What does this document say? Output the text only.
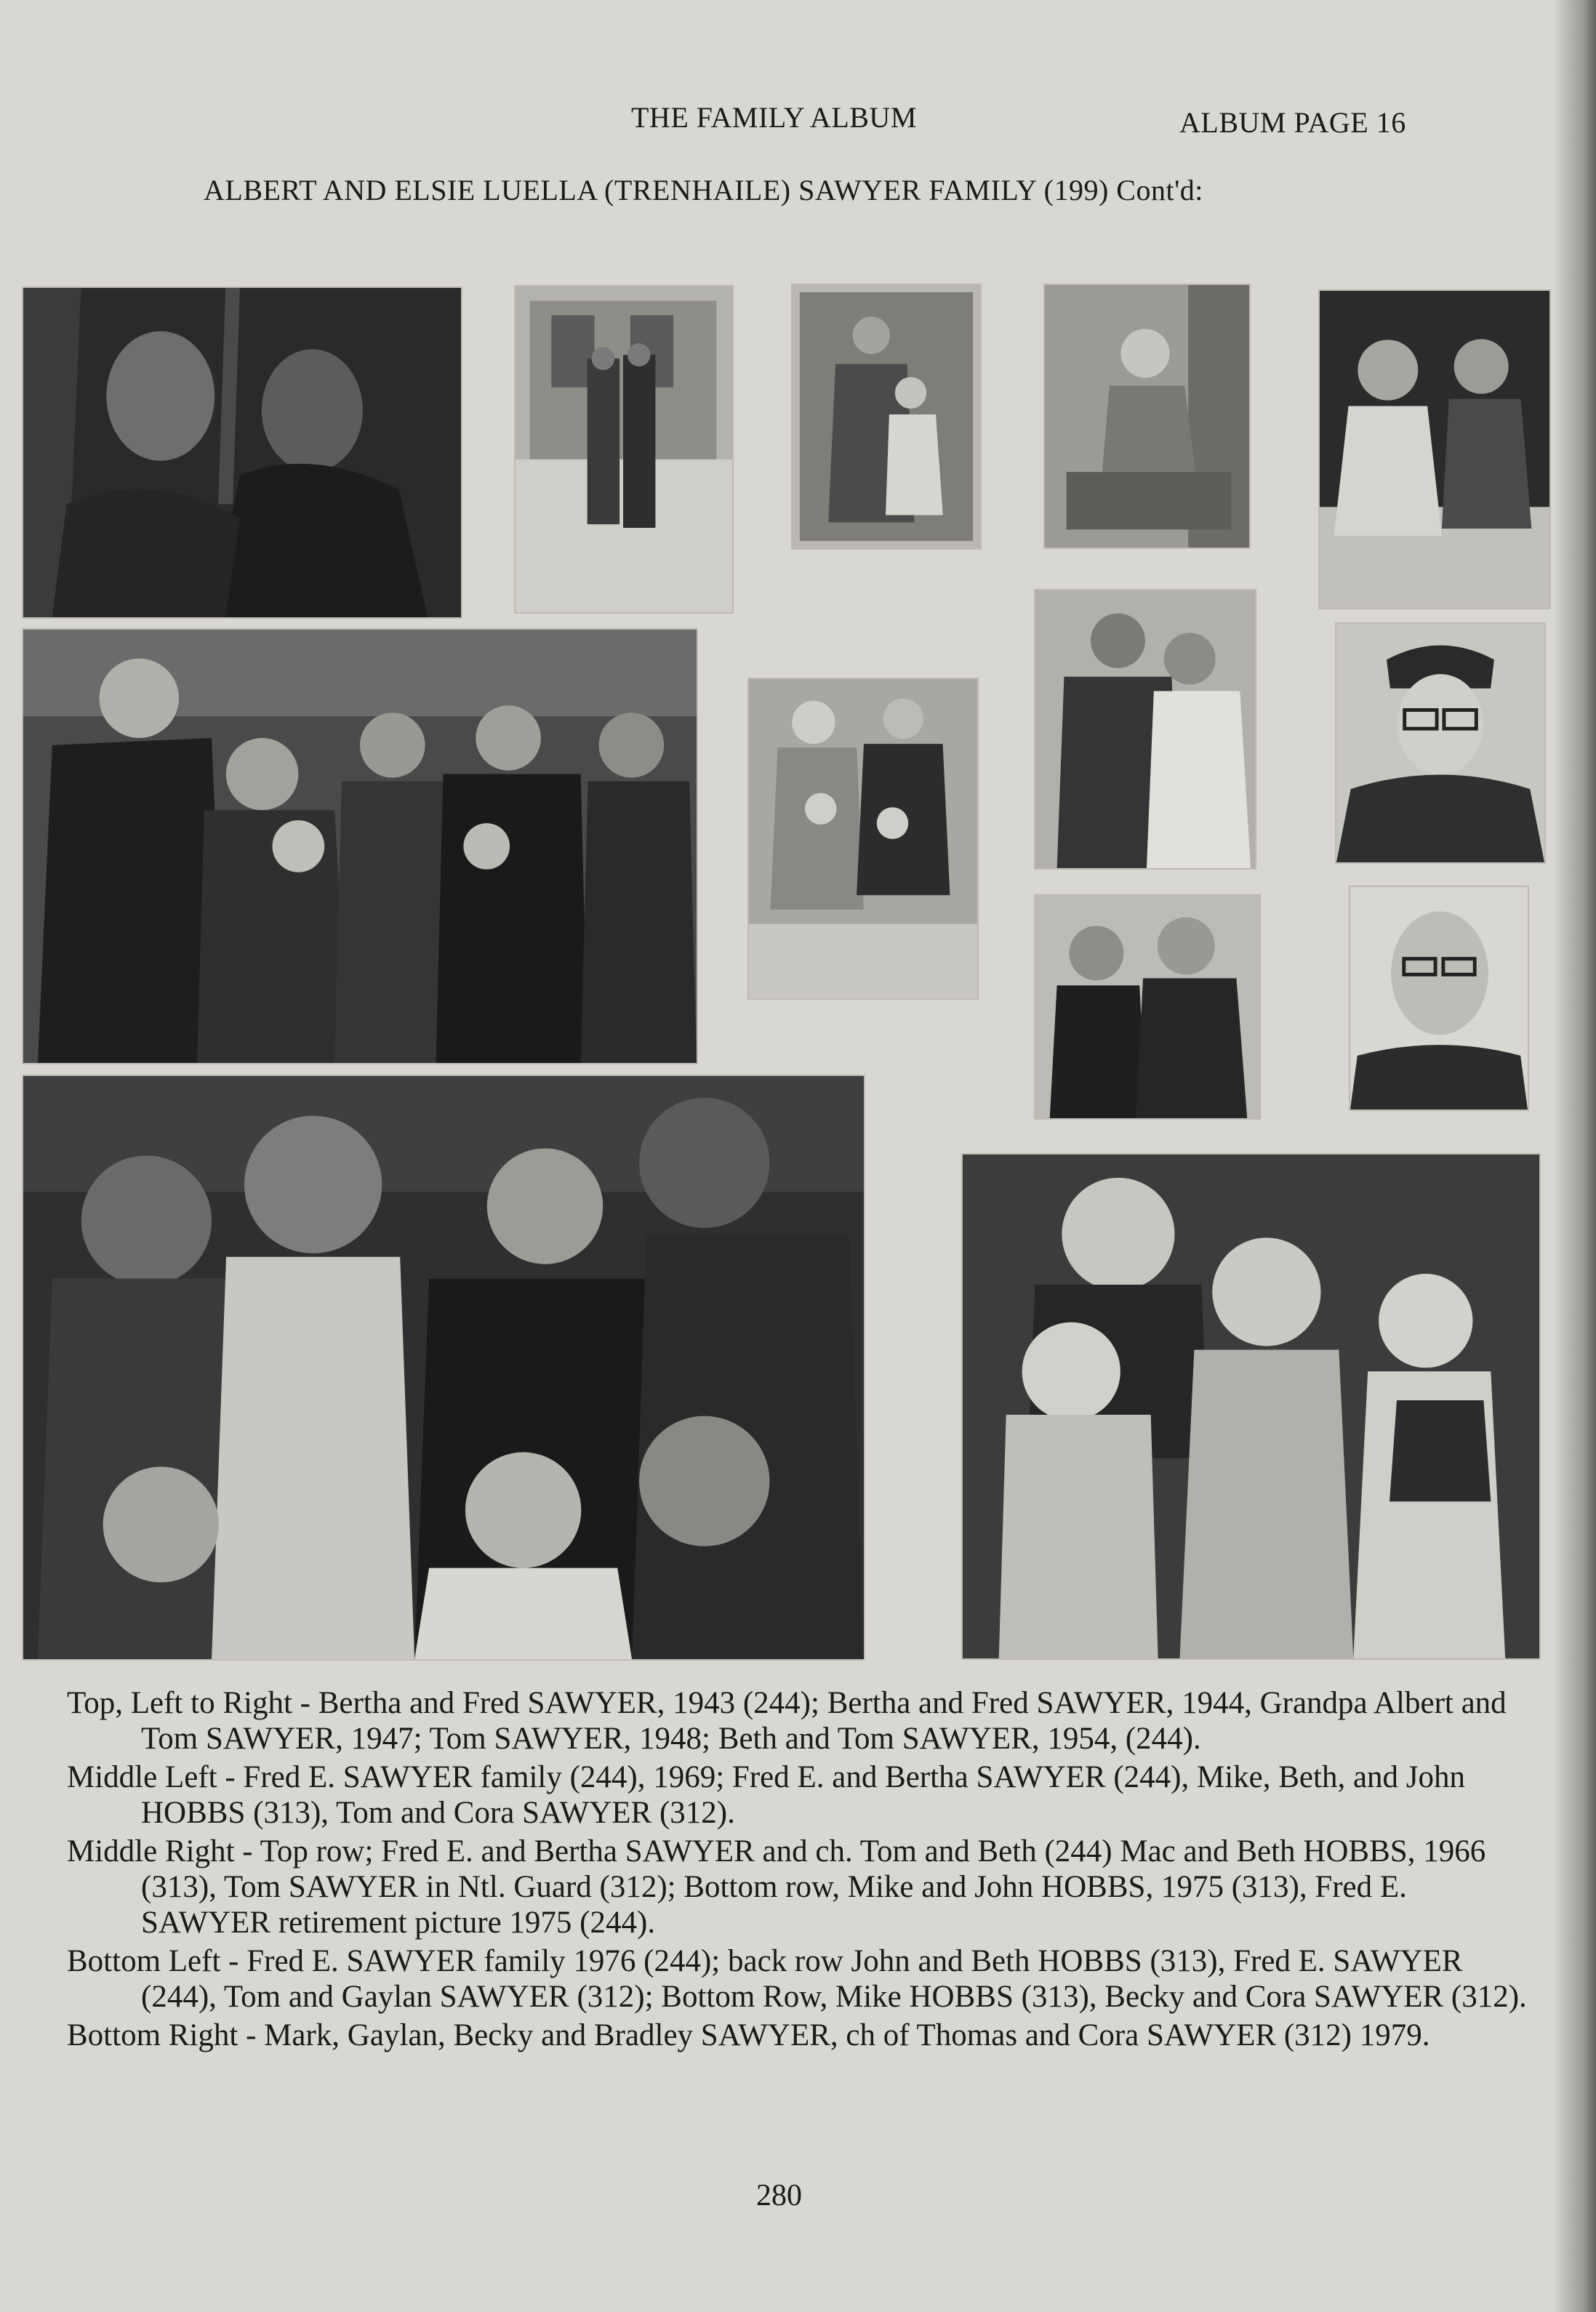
THE FAMILY ALBUM	ALBUM PAGE 16
ALBERT AND ELSIE LUELLA (TRENHAILE) SAWYER FAMILY (199) Cont'd:

Top, Left to Right - Bertha and Fred SAWYER, 1943 (244); Bertha and Fred SAWYER, 1944, Grandpa Albert and Tom SAWYER, 1947; Tom SAWYER, 1948; Beth and Tom SAWYER, 1954, (244).

Middle Left - Fred E. SAWYER family (244), 1969; Fred E. and Bertha SAWYER (244), Mike, Beth, and John HOBBS (313), Tom and Cora SAWYER (312).

Middle Right - Top row; Fred E. and Bertha SAWYER and ch. Tom and Beth (244) Mac and Beth HOBBS, 1966 (313), Tom SAWYER in Ntl. Guard (312); Bottom row, Mike and John HOBBS, 1975 (313), Fred E. SAWYER retirement picture 1975 (244).

Bottom Left - Fred E. SAWYER family 1976 (244); back row John and Beth HOBBS (313), Fred E. SAWYER (244), Tom and Gaylan SAWYER (312); Bottom Row, Mike HOBBS (313), Becky and Cora SAWYER (312).

Bottom Right - Mark, Gaylan, Becky and Bradley SAWYER, ch of Thomas and Cora SAWYER (312) 1979.

280
